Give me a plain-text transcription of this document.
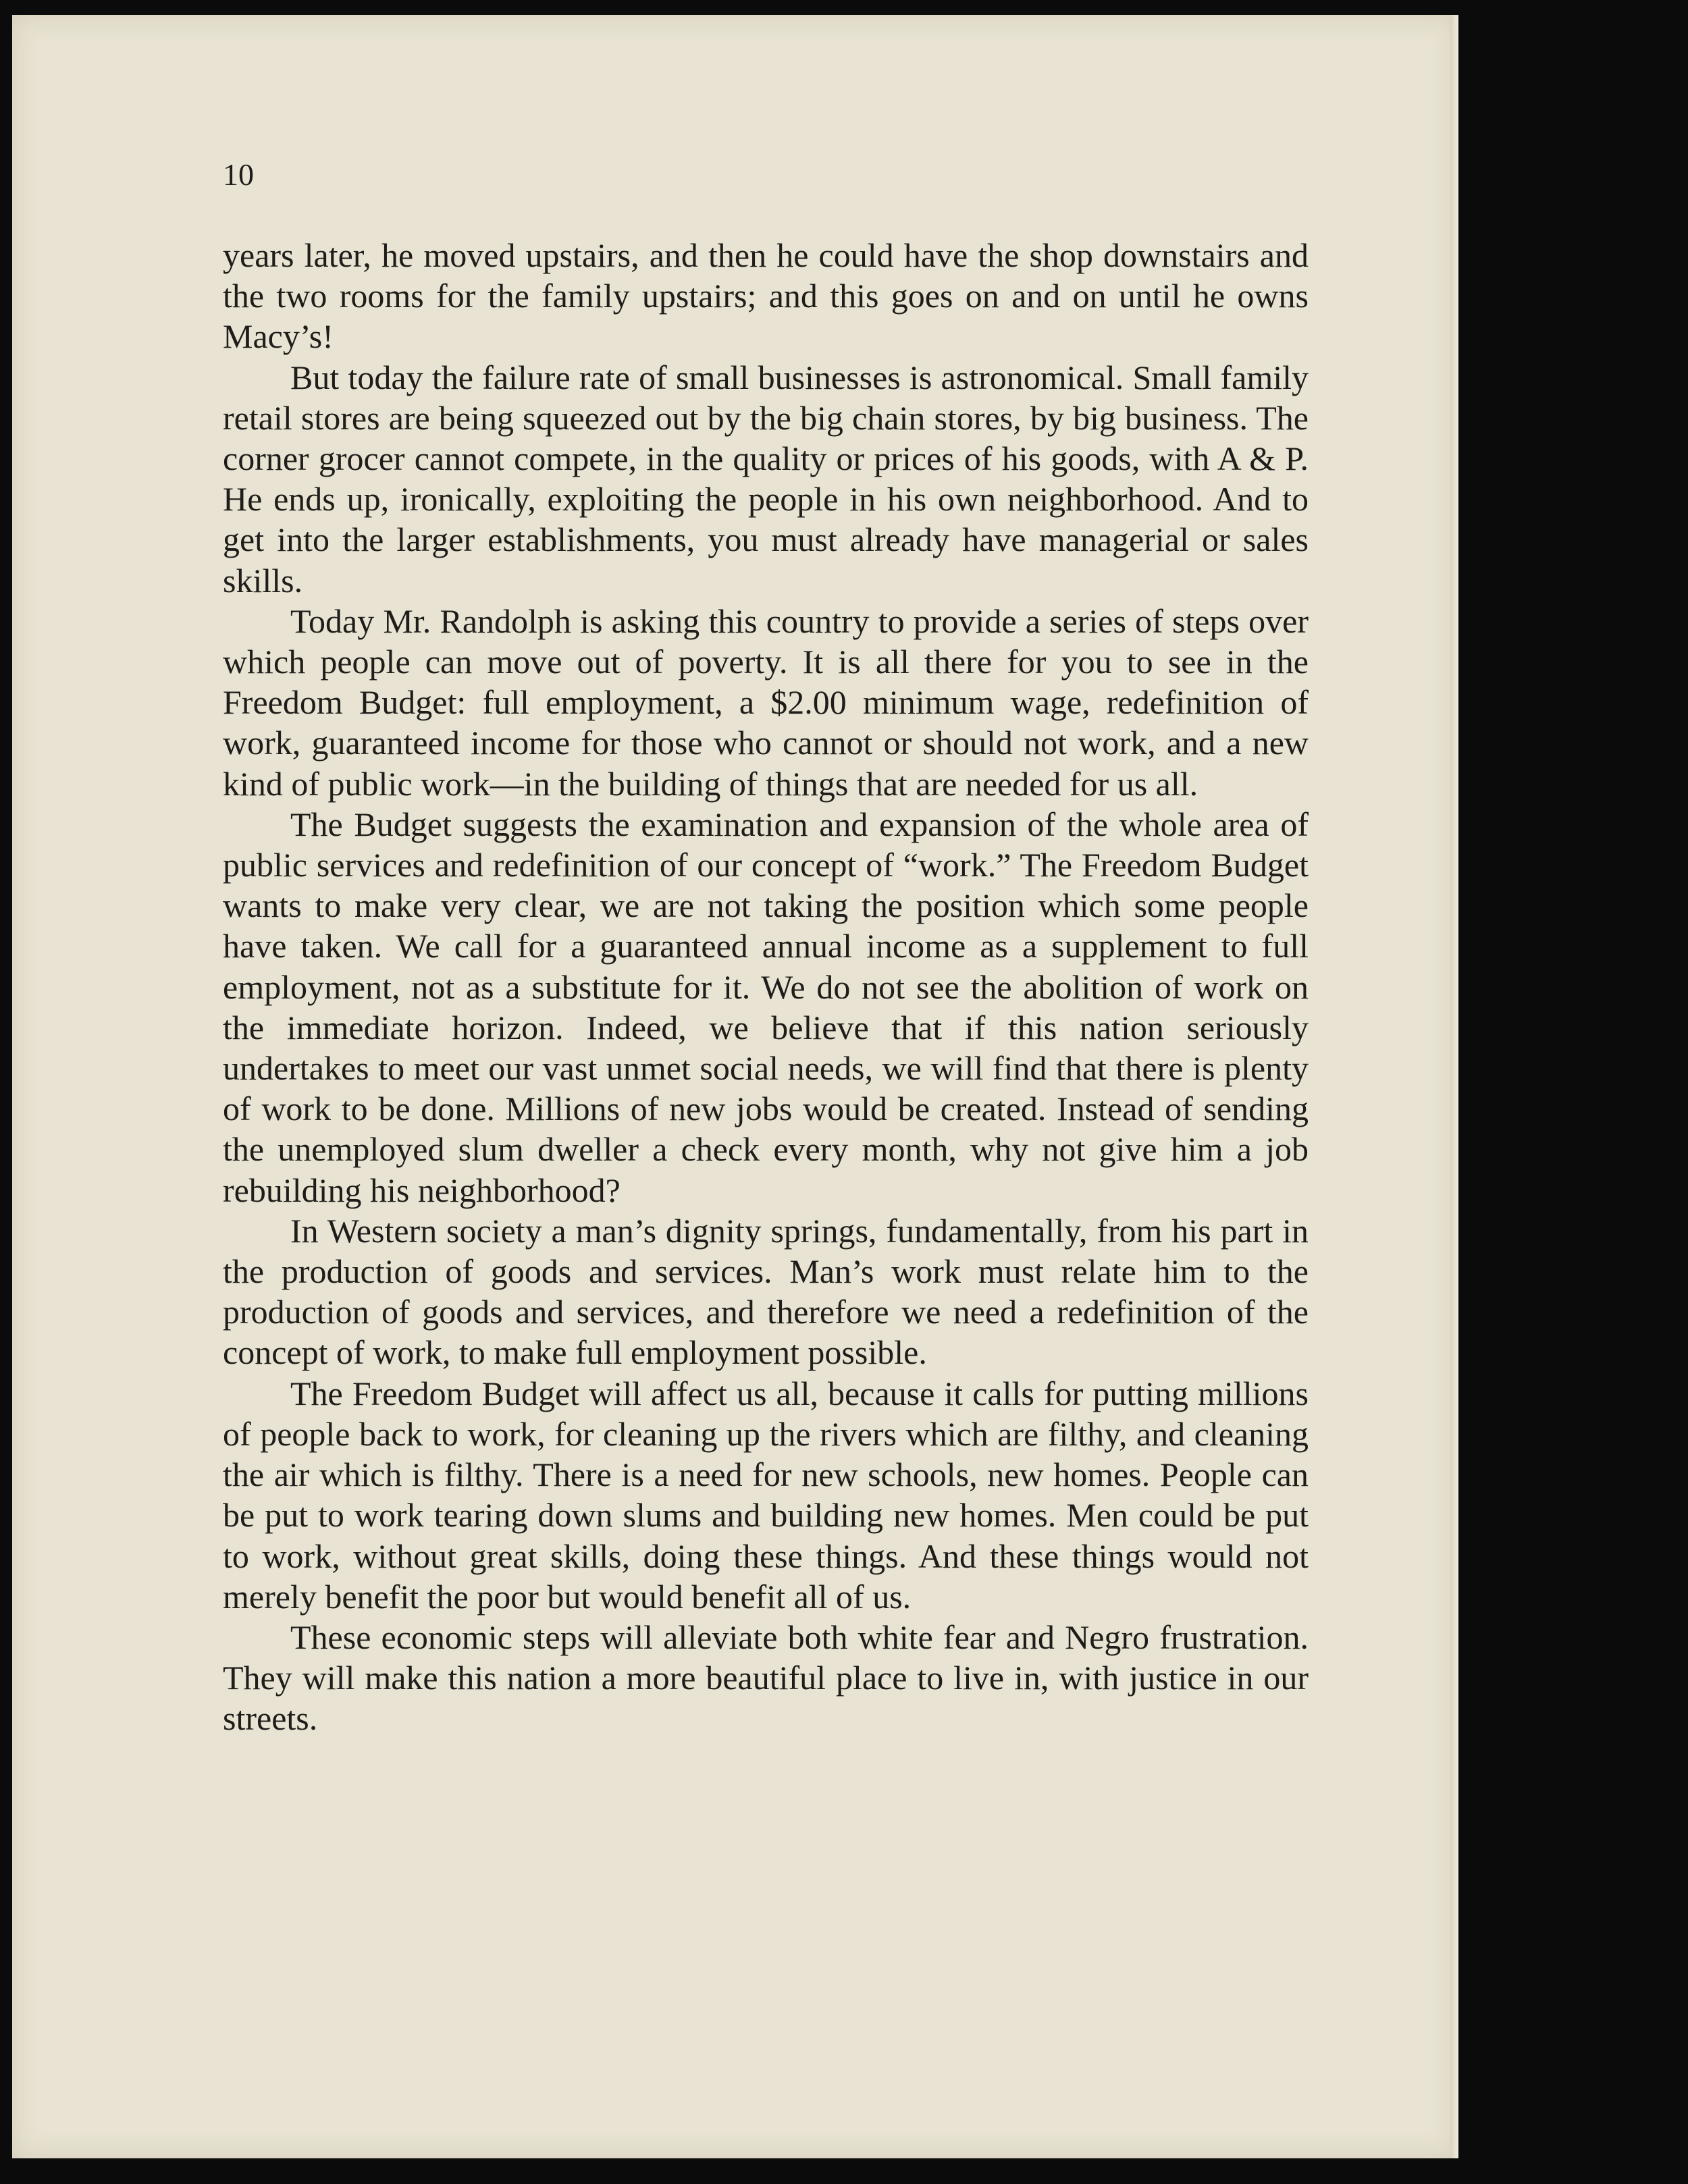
10

years later, he moved upstairs, and then he could have the shop downstairs and the two rooms for the family upstairs; and this goes on and on until he owns Macy’s!

But today the failure rate of small businesses is astronomical. Small family retail stores are being squeezed out by the big chain stores, by big business. The corner grocer cannot compete, in the quality or prices of his goods, with A & P. He ends up, ironically, exploiting the people in his own neighborhood. And to get into the larger establishments, you must already have managerial or sales skills.

Today Mr. Randolph is asking this country to provide a series of steps over which people can move out of poverty. It is all there for you to see in the Freedom Budget: full employment, a $2.00 minimum wage, redefinition of work, guaranteed income for those who cannot or should not work, and a new kind of public work—in the building of things that are needed for us all.

The Budget suggests the examination and expansion of the whole area of public services and redefinition of our concept of “work.” The Freedom Budget wants to make very clear, we are not taking the position which some people have taken. We call for a guaranteed annual income as a supplement to full employment, not as a substitute for it. We do not see the abolition of work on the immediate horizon. Indeed, we believe that if this nation seriously undertakes to meet our vast unmet social needs, we will find that there is plenty of work to be done. Millions of new jobs would be created. Instead of sending the unemployed slum dweller a check every month, why not give him a job rebuilding his neighborhood?

In Western society a man’s dignity springs, fundamentally, from his part in the production of goods and services. Man’s work must relate him to the production of goods and services, and therefore we need a redefinition of the concept of work, to make full employment possible.

The Freedom Budget will affect us all, because it calls for putting millions of people back to work, for cleaning up the rivers which are filthy, and cleaning the air which is filthy. There is a need for new schools, new homes. People can be put to work tearing down slums and building new homes. Men could be put to work, without great skills, doing these things. And these things would not merely benefit the poor but would benefit all of us.

These economic steps will alleviate both white fear and Negro frustration. They will make this nation a more beautiful place to live in, with justice in our streets.
